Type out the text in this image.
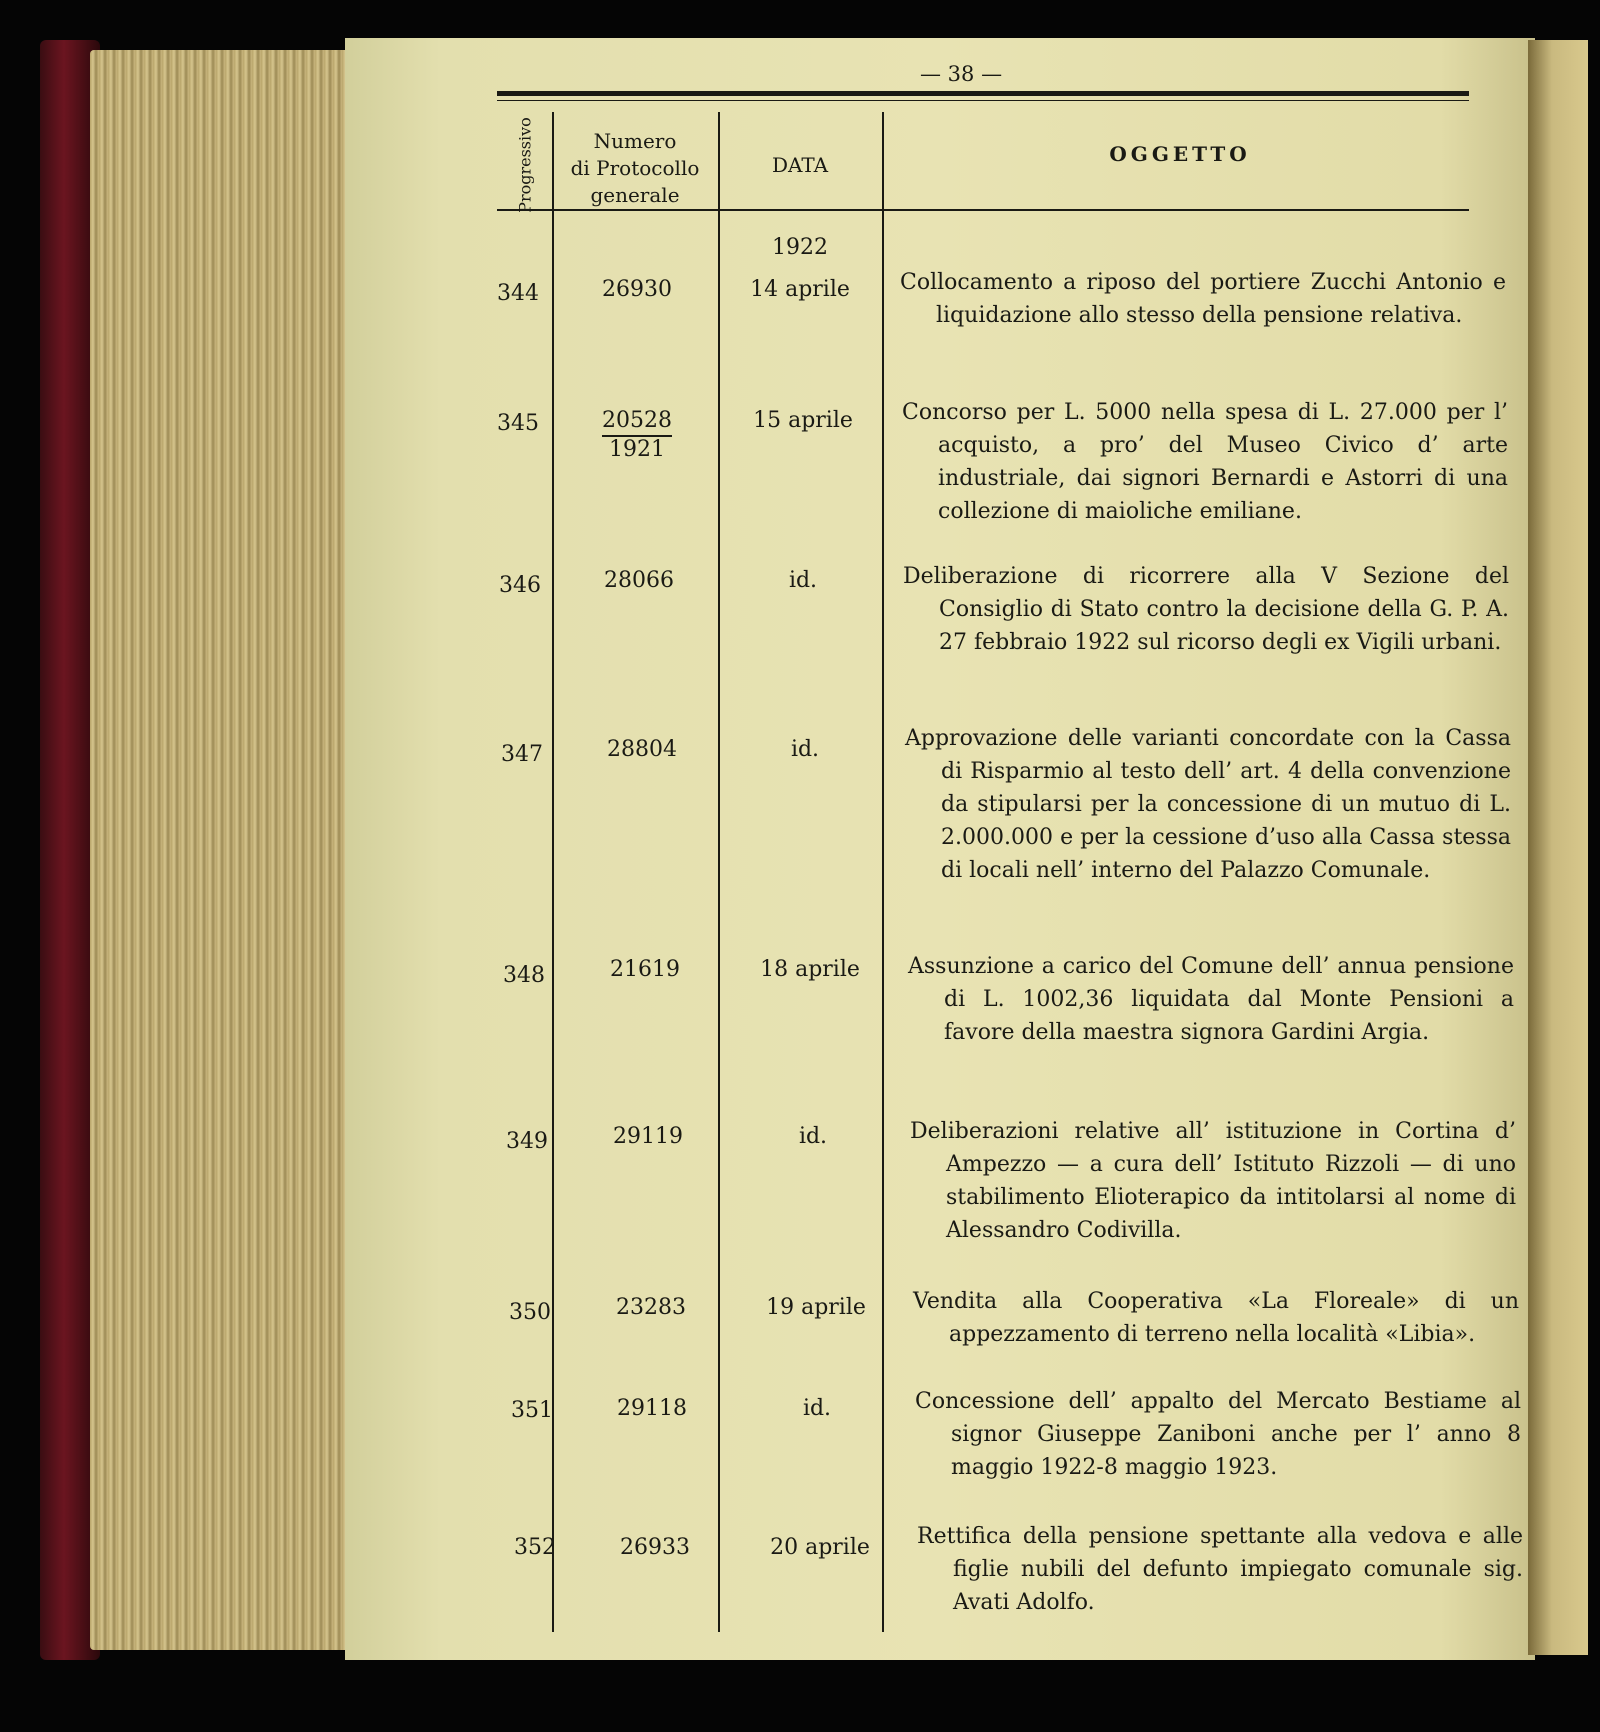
— 38 —
Progressivo	Numero
di Protocollo
generale
DATA	OGGETTO
1922
344	26930	14 aprile	Collocamento a riposo del portiere Zucchi Antonio e liquidazione allo stesso della pensione relativa.
345	$\frac{20528}{1921}$	15 aprile	Concorso per L. 5000 nella spesa di L. 27.000 per l’ acquisto, a pro’ del Museo Civico d’ arte industriale, dai signori Bernardi e Astorri di una collezione di maioliche emiliane.
346	28066	id.	Deliberazione di ricorrere alla V Sezione del Consiglio di Stato contro la decisione della G. P. A. 27 febbraio 1922 sul ricorso degli ex Vigili urbani.
347	28804	id.	Approvazione delle varianti concordate con la Cassa di Risparmio al testo dell’ art. 4 della convenzione da stipularsi per la concessione di un mutuo di L. 2.000.000 e per la cessione d’uso alla Cassa stessa di locali nell’ interno del Palazzo Comunale.
348	21619	18 aprile	Assunzione a carico del Comune dell’ annua pensione di L. 1002,36 liquidata dal Monte Pensioni a favore della maestra signora Gardini Argia.
349	29119	id.	Deliberazioni relative all’ istituzione in Cortina d’ Ampezzo — a cura dell’ Istituto Rizzoli — di uno stabilimento Elioterapico da intitolarsi al nome di Alessandro Codivilla.
350	23283	19 aprile	Vendita alla Cooperativa «La Floreale» di un appezzamento di terreno nella località «Libia».
351	29118	id.	Concessione dell’ appalto del Mercato Bestiame al signor Giuseppe Zaniboni anche per l’ anno 8 maggio 1922-8 maggio 1923.
352	26933	20 aprile	Rettifica della pensione spettante alla vedova e alle figlie nubili del defunto impiegato comunale sig. Avati Adolfo.
